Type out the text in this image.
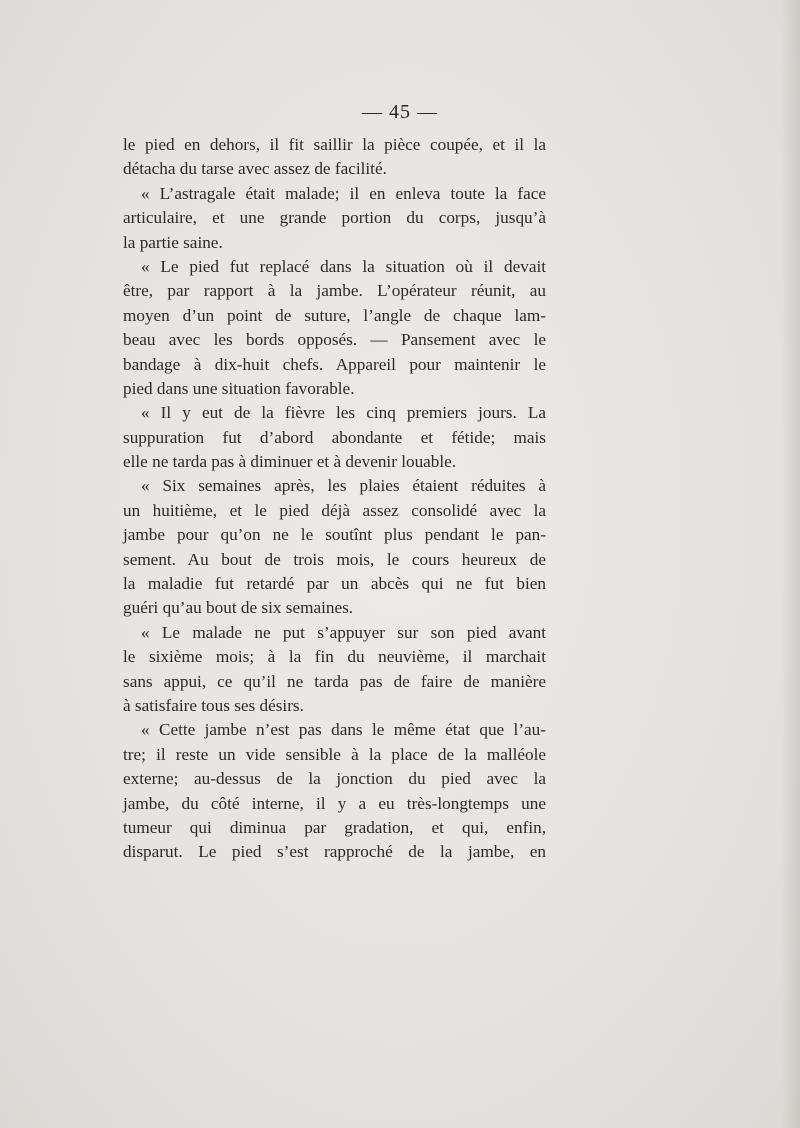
— 45 —
le pied en dehors, il fit saillir la pièce coupée, et il la
détacha du tarse avec assez de facilité.
« L’astragale était malade; il en enleva toute la face
articulaire, et une grande portion du corps, jusqu’à
la partie saine.
« Le pied fut replacé dans la situation où il devait
être, par rapport à la jambe. L’opérateur réunit, au
moyen d’un point de suture, l’angle de chaque lam-
beau avec les bords opposés. — Pansement avec le
bandage à dix-huit chefs. Appareil pour maintenir le
pied dans une situation favorable.
« Il y eut de la fièvre les cinq premiers jours. La
suppuration fut d’abord abondante et fétide; mais
elle ne tarda pas à diminuer et à devenir louable.
« Six semaines après, les plaies étaient réduites à
un huitième, et le pied déjà assez consolidé avec la
jambe pour qu’on ne le soutînt plus pendant le pan-
sement. Au bout de trois mois, le cours heureux de
la maladie fut retardé par un abcès qui ne fut bien
guéri qu’au bout de six semaines.
« Le malade ne put s’appuyer sur son pied avant
le sixième mois; à la fin du neuvième, il marchait
sans appui, ce qu’il ne tarda pas de faire de manière
à satisfaire tous ses désirs.
« Cette jambe n’est pas dans le même état que l’au-
tre; il reste un vide sensible à la place de la malléole
externe; au-dessus de la jonction du pied avec la
jambe, du côté interne, il y a eu très-longtemps une
tumeur qui diminua par gradation, et qui, enfin,
disparut. Le pied s’est rapproché de la jambe, en
